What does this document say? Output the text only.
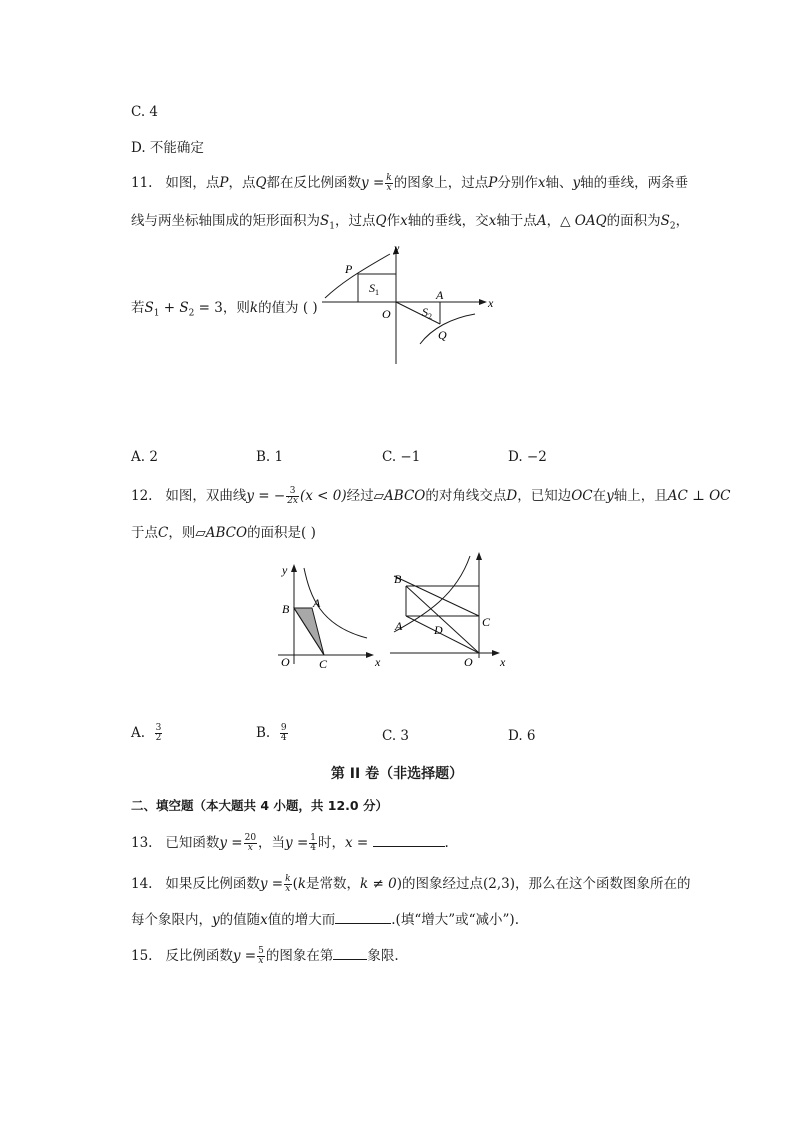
C. 4
D. 不能确定
11. 如图，点P，点Q都在反比例函数$y = \frac{k}{x}$ 的图象上，过点P分别作x轴、y轴的垂线，两条垂
线与两坐标轴围成的矩形面积为$S_1$，过点Q作x轴的垂线，交x轴于点A，△ OAQ的面积为$S_2$，
若$S_1 + S_2 = 3$，则k的值为 ( )
y
P
$S_1$
O
A
$S_2$
x
Q
A. 2	B. 1	C. −1	D. −2
12. 如图，双曲线y = − $\frac{3}{2x} (x < 0)$经过▱ABCO的对角线交点D，已知边OC在y轴上，且AC ⊥ OC
于点C，则▱ABCO的面积是( )
y
B A
O C	x
B
A	D
C
O x
A. $\frac{3}{2}$	B. $\frac{9}{4}$	C. 3	D. 6
第 II 卷（非选择题）
二、填空题（本大题共 4 小题，共 12.0 分）
13. 已知函数$y = \frac{20}{x}$ ，当$y = \frac{1}{4}$ 时，x =	.
14. 如果反比例函数$y = \frac{k}{x} (k$是常数，k ≠ 0)的图象经过点(2,3)，那么在这个函数图象所在的
每个象限内，y的值随x值的增大而	.(填“增大”或“减小”).
15. 反比例函数$y = \frac{5}{x}$ 的图象在第	象限.
